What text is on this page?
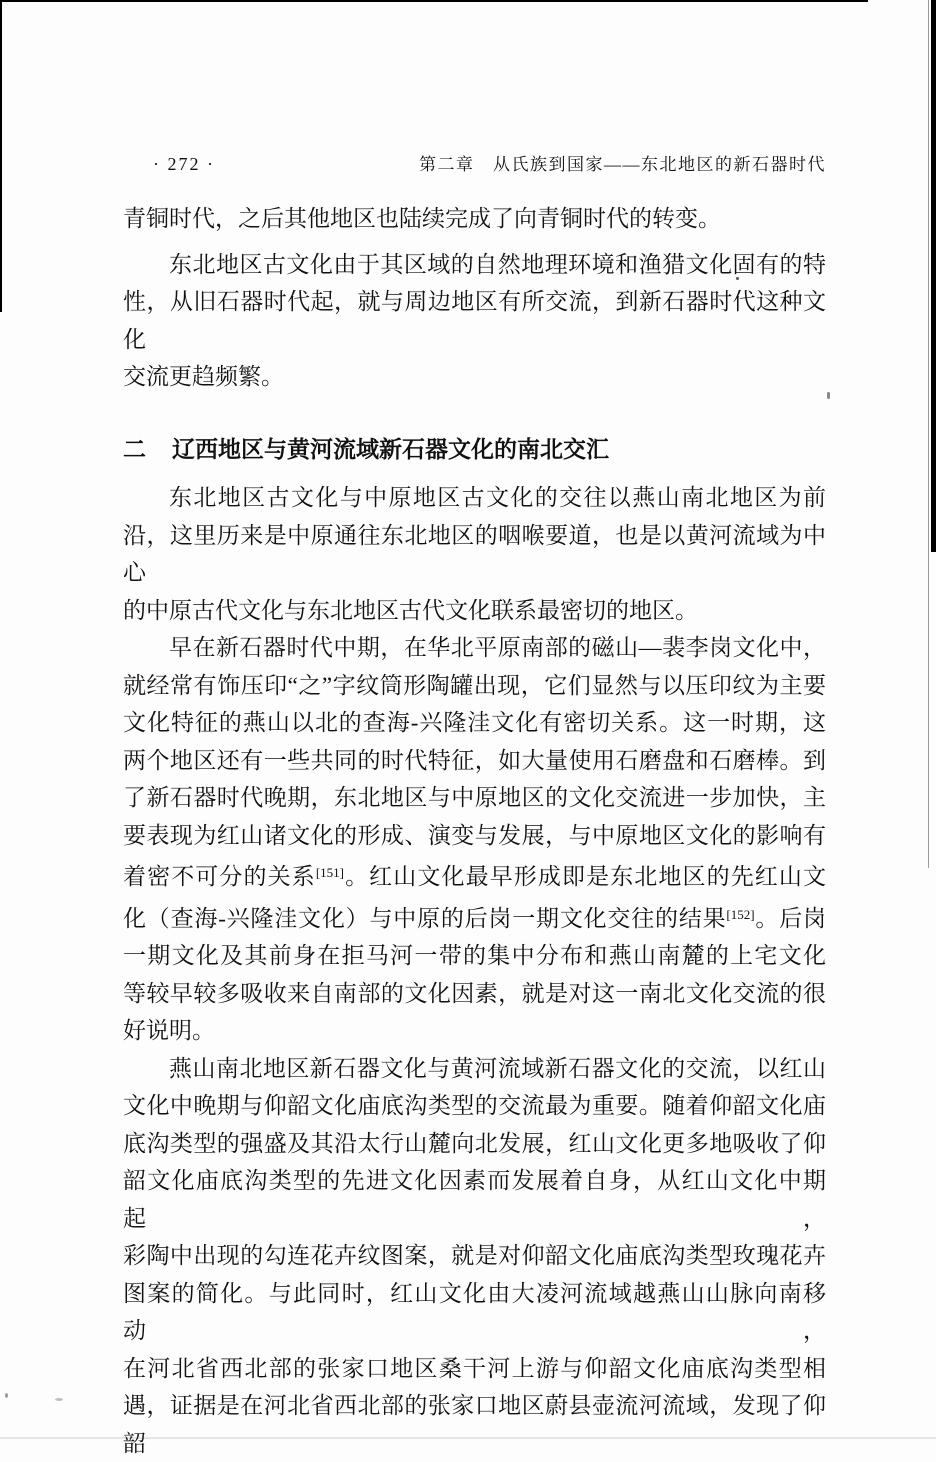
· 272 ·	第二章　从氏族到国家——东北地区的新石器时代
青铜时代，之后其他地区也陆续完成了向青铜时代的转变。
东北地区古文化由于其区域的自然地理环境和渔猎文化固有的特
性，从旧石器时代起，就与周边地区有所交流，到新石器时代这种文化
交流更趋频繁。
二 辽西地区与黄河流域新石器文化的南北交汇
东北地区古文化与中原地区古文化的交往以燕山南北地区为前
沿，这里历来是中原通往东北地区的咽喉要道，也是以黄河流域为中心
的中原古代文化与东北地区古代文化联系最密切的地区。
早在新石器时代中期，在华北平原南部的磁山—裴李岗文化中，
就经常有饰压印“之”字纹筒形陶罐出现，它们显然与以压印纹为主要
文化特征的燕山以北的查海-兴隆洼文化有密切关系。这一时期，这
两个地区还有一些共同的时代特征，如大量使用石磨盘和石磨棒。到
了新石器时代晚期，东北地区与中原地区的文化交流进一步加快，主
要表现为红山诸文化的形成、演变与发展，与中原地区文化的影响有
着密不可分的关系[151]。红山文化最早形成即是东北地区的先红山文
化（查海-兴隆洼文化）与中原的后岗一期文化交往的结果[152]。后岗
一期文化及其前身在拒马河一带的集中分布和燕山南麓的上宅文化
等较早较多吸收来自南部的文化因素，就是对这一南北文化交流的很
好说明。
燕山南北地区新石器文化与黄河流域新石器文化的交流，以红山
文化中晚期与仰韶文化庙底沟类型的交流最为重要。随着仰韶文化庙
底沟类型的强盛及其沿太行山麓向北发展，红山文化更多地吸收了仰
韶文化庙底沟类型的先进文化因素而发展着自身，从红山文化中期起，
彩陶中出现的勾连花卉纹图案，就是对仰韶文化庙底沟类型玫瑰花卉
图案的简化。与此同时，红山文化由大凌河流域越燕山山脉向南移动，
在河北省西北部的张家口地区桑干河上游与仰韶文化庙底沟类型相
遇，证据是在河北省西北部的张家口地区蔚县壶流河流域，发现了仰韶
